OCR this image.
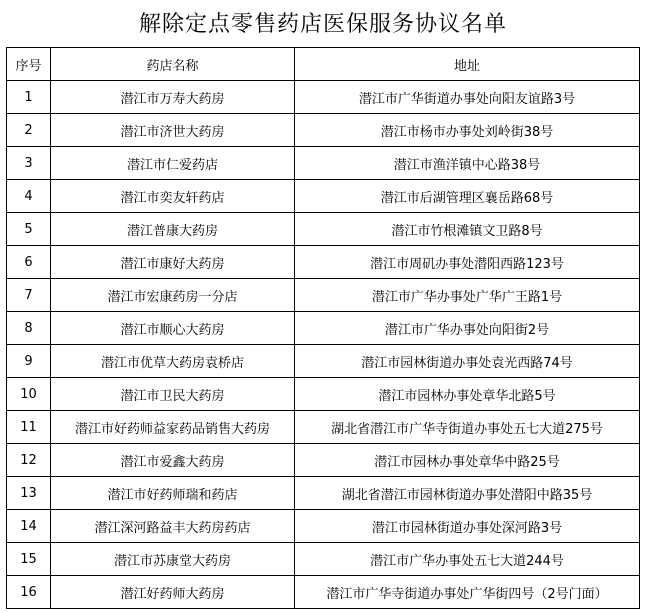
解除定点零售药店医保服务协议名单
序号	药店名称	地址
1	潜江市万寿大药房	潜江市广华街道办事处向阳友谊路3号
2	潜江市济世大药房	潜江市杨市办事处刘岭街38号
3	潜江市仁爱药店	潜江市渔洋镇中心路38号
4	潜江市奕友轩药店	潜江市后湖管理区襄岳路68号
5	潜江普康大药房	潜江市竹根滩镇文卫路8号
6	潜江市康好大药房	潜江市周矶办事处潜阳西路123号
7	潜江市宏康药房一分店	潜江市广华办事处广华广王路1号
8	潜江市顺心大药房	潜江市广华办事处向阳街2号
9	潜江市优草大药房袁桥店	潜江市园林街道办事处袁光西路74号
10	潜江市卫民大药房	潜江市园林办事处章华北路5号
11	潜江市好药师益家药品销售大药房	湖北省潜江市广华寺街道办事处五七大道275号
12	潜江市爱鑫大药房	潜江市园林办事处章华中路25号
13	潜江市好药师瑞和药店	湖北省潜江市园林街道办事处潜阳中路35号
14	潜江深河路益丰大药房药店	潜江市园林街道办事处深河路3号
15	潜江市苏康堂大药房	潜江市广华办事处五七大道244号
16	潜江好药师大药房	潜江市广华寺街道办事处广华街四号（2号门面）
